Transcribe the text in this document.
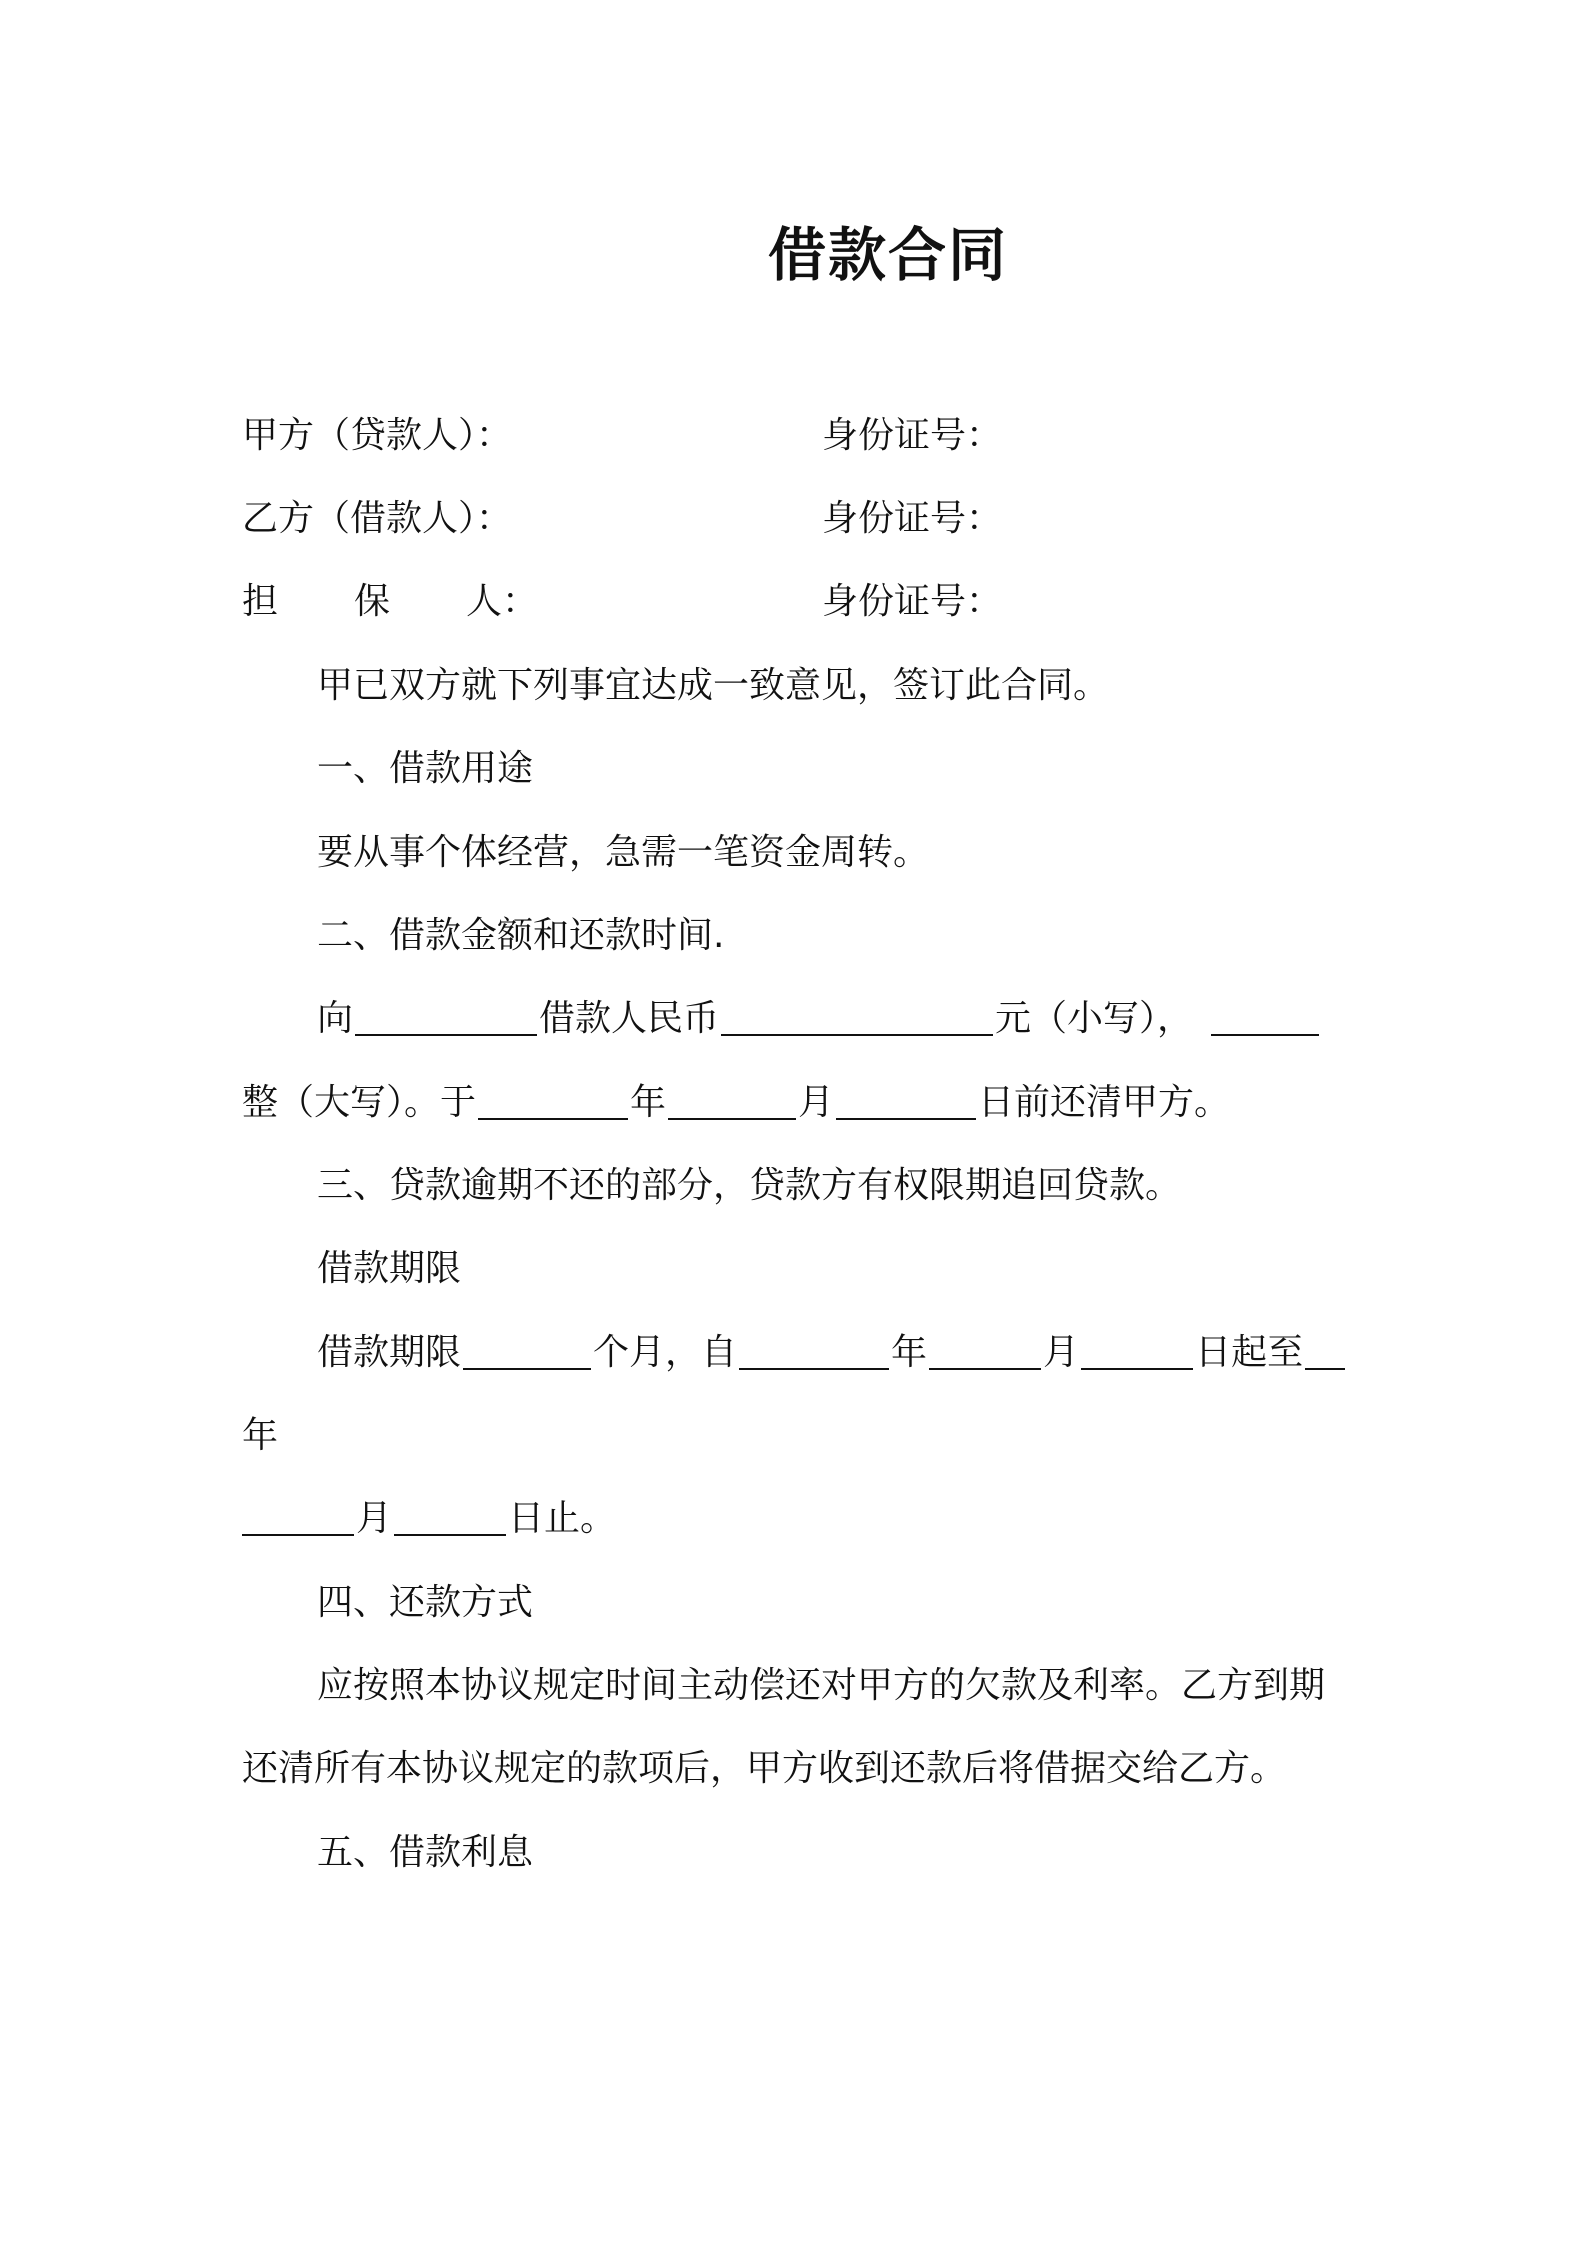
借款合同
甲方（贷款人）：	身份证号：
乙方（借款人）：	身份证号：
担 保 人：	身份证号：
甲已双方就下列事宜达成一致意见，签订此合同。
一、借款用途
要从事个体经营，急需一笔资金周转。
二、借款金额和还款时间.
向	借款人民币	元（小写），
整（大写）。于	年	月	日前还清甲方。
三、贷款逾期不还的部分，贷款方有权限期追回贷款。
借款期限
借款期限	个月，自	年	月	日起至
年
月	日止。
四、还款方式
应按照本协议规定时间主动偿还对甲方的欠款及利率。乙方到期
还清所有本协议规定的款项后，甲方收到还款后将借据交给乙方。
五、借款利息
